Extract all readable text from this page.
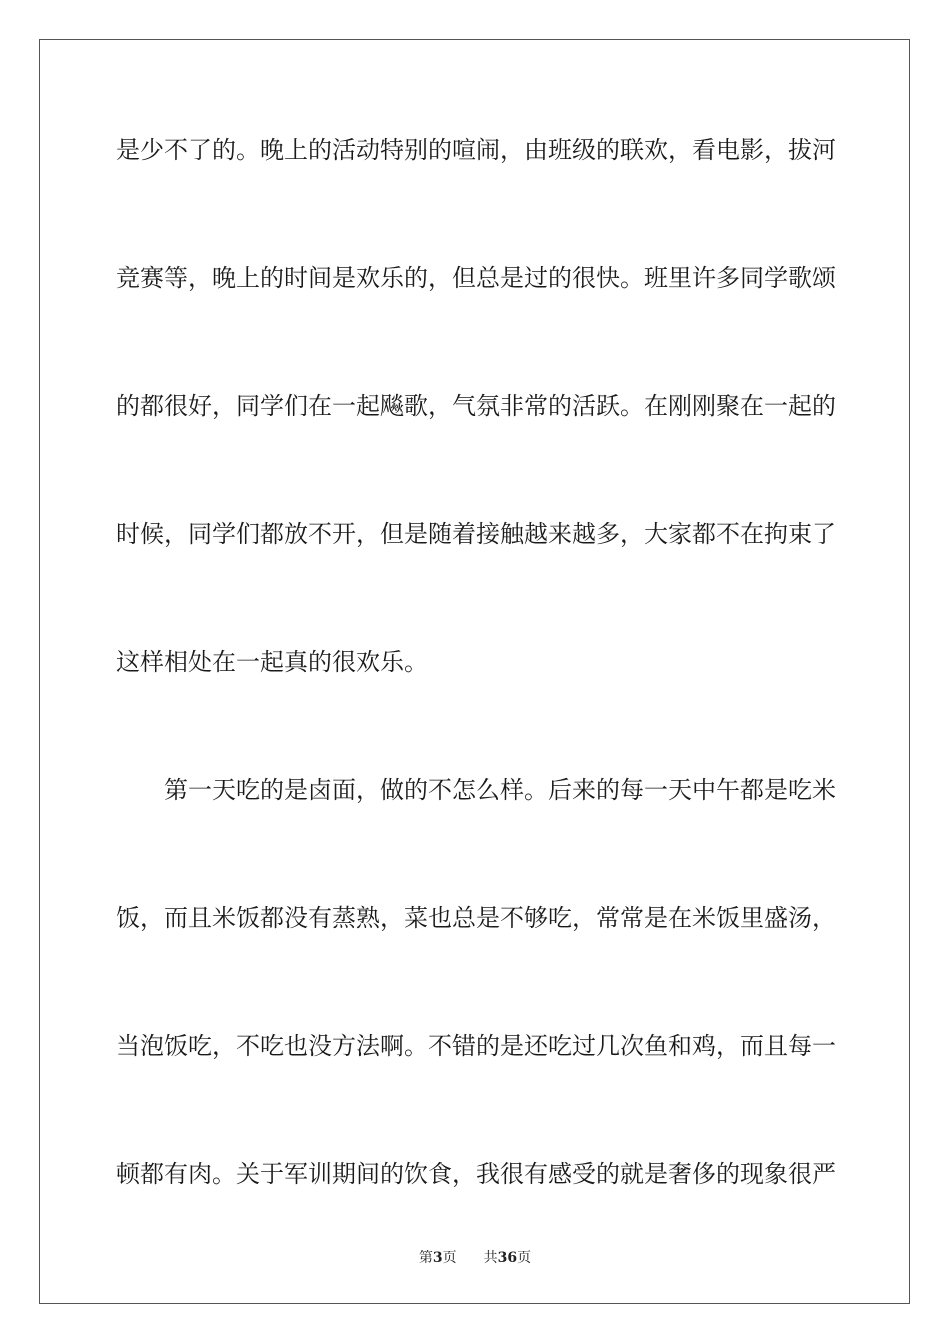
是少不了的。晚上的活动特别的喧闹，由班级的联欢，看电影，拔河
竞赛等，晚上的时间是欢乐的，但总是过的很快。班里许多同学歌颂
的都很好，同学们在一起飚歌，气氛非常的活跃。在刚刚聚在一起的
时候，同学们都放不开，但是随着接触越来越多，大家都不在拘束了
这样相处在一起真的很欢乐。
第一天吃的是卤面，做的不怎么样。后来的每一天中午都是吃米
饭，而且米饭都没有蒸熟，菜也总是不够吃，常常是在米饭里盛汤，
当泡饭吃，不吃也没方法啊。不错的是还吃过几次鱼和鸡，而且每一
顿都有肉。关于军训期间的饮食，我很有感受的就是奢侈的现象很严
第3页 共36页
